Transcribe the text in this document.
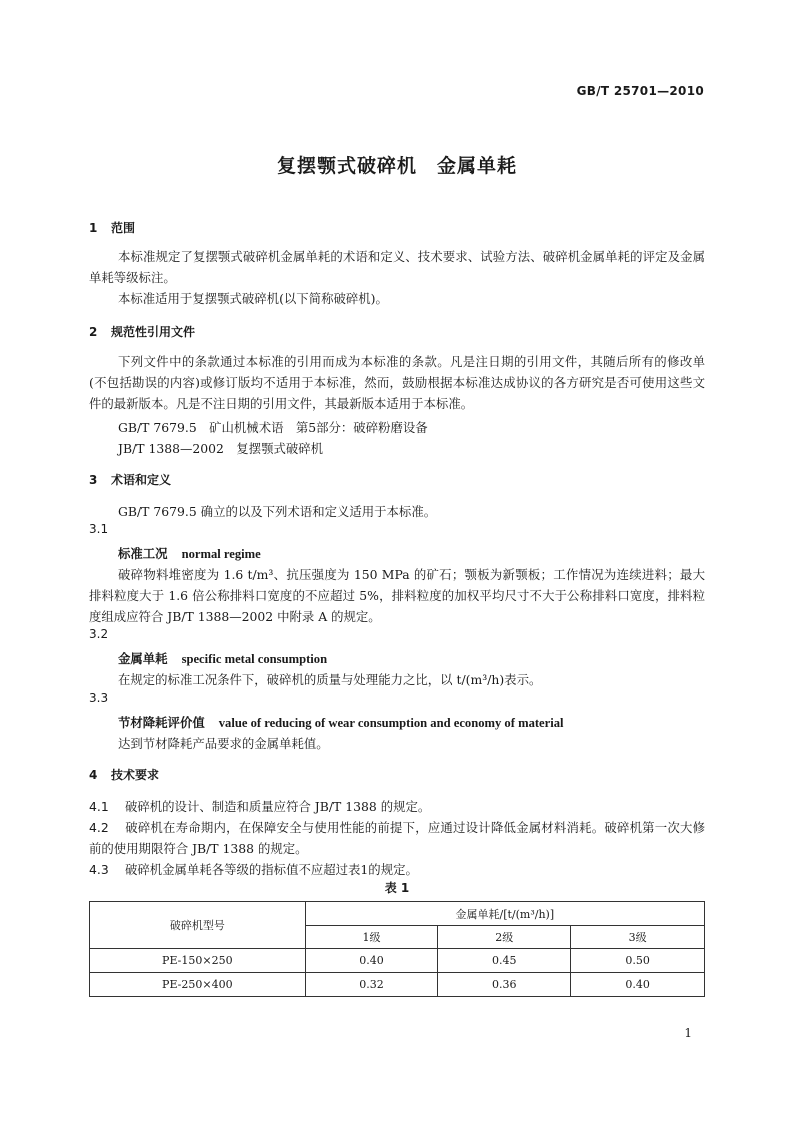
GB/T 25701—2010
复摆颚式破碎机　金属单耗
1 范围
本标准规定了复摆颚式破碎机金属单耗的术语和定义、技术要求、试验方法、破碎机金属单耗的评定及金属单耗等级标注。
本标准适用于复摆颚式破碎机(以下简称破碎机)。
2 规范性引用文件
下列文件中的条款通过本标准的引用而成为本标准的条款。凡是注日期的引用文件，其随后所有的修改单(不包括勘误的内容)或修订版均不适用于本标准，然而，鼓励根据本标准达成协议的各方研究是否可使用这些文件的最新版本。凡是不注日期的引用文件，其最新版本适用于本标准。
GB/T 7679.5　矿山机械术语　第5部分：破碎粉磨设备
JB/T 1388—2002　复摆颚式破碎机
3 术语和定义
GB/T 7679.5 确立的以及下列术语和定义适用于本标准。
3.1
标准工况 normal regime
破碎物料堆密度为 1.6 t/m³、抗压强度为 150 MPa 的矿石；颚板为新颚板；工作情况为连续进料；最大排料粒度大于 1.6 倍公称排料口宽度的不应超过 5%，排料粒度的加权平均尺寸不大于公称排料口宽度，排料粒度组成应符合 JB/T 1388—2002 中附录 A 的规定。
3.2
金属单耗 specific metal consumption
在规定的标准工况条件下，破碎机的质量与处理能力之比，以 t/(m³/h)表示。
3.3
节材降耗评价值 value of reducing of wear consumption and economy of material
达到节材降耗产品要求的金属单耗值。
4 技术要求
4.1 破碎机的设计、制造和质量应符合 JB/T 1388 的规定。
4.2 破碎机在寿命期内，在保障安全与使用性能的前提下，应通过设计降低金属材料消耗。破碎机第一次大修前的使用期限符合 JB/T 1388 的规定。
4.3 破碎机金属单耗各等级的指标值不应超过表1的规定。
表 1
破碎机型号	金属单耗/[t/(m³/h)]		
	1级	2级	3级
PE-150×250	0.40	0.45	0.50
PE-250×400	0.32	0.36	0.40
1
